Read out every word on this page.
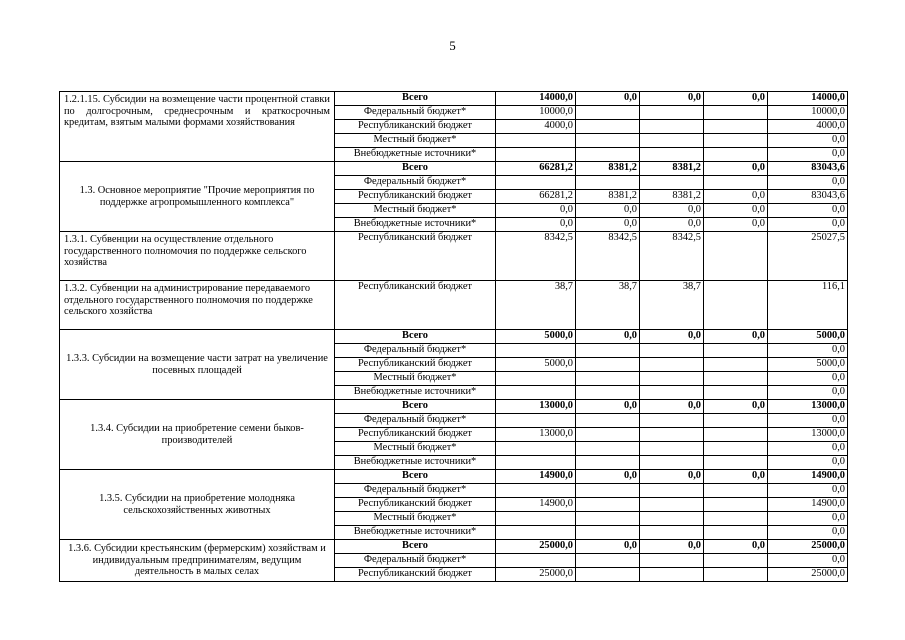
5
1.2.1.15. Субсидии на возмещение части процентной ставки по долгосрочным, среднесрочным и краткосрочным кредитам, взятым малыми формами хозяйствования	Всего	14000,0	0,0	0,0	0,0	14000,0
	Федеральный бюджет*	10000,0				10000,0
	Республиканский бюджет	4000,0				4000,0
	Местный бюджет*					0,0
	Внебюджетные источники*					0,0
1.3. Основное мероприятие "Прочие мероприятия по поддержке агропромышленного комплекса"	Всего	66281,2	8381,2	8381,2	0,0	83043,6
	Федеральный бюджет*					0,0
	Республиканский бюджет	66281,2	8381,2	8381,2	0,0	83043,6
	Местный бюджет*	0,0	0,0	0,0	0,0	0,0
	Внебюджетные источники*	0,0	0,0	0,0	0,0	0,0
1.3.1. Субвенции на осуществление отдельного государственного полномочия по поддержке сельского хозяйства	Республиканский бюджет	8342,5	8342,5	8342,5		25027,5
1.3.2. Субвенции на администрирование передаваемого отдельного государственного полномочия по поддержке сельского хозяйства	Республиканский бюджет	38,7	38,7	38,7		116,1
1.3.3. Субсидии на возмещение части затрат на увеличение посевных площадей	Всего	5000,0	0,0	0,0	0,0	5000,0
	Федеральный бюджет*					0,0
	Республиканский бюджет	5000,0				5000,0
	Местный бюджет*					0,0
	Внебюджетные источники*					0,0
1.3.4. Субсидии на приобретение семени быков-производителей	Всего	13000,0	0,0	0,0	0,0	13000,0
	Федеральный бюджет*					0,0
	Республиканский бюджет	13000,0				13000,0
	Местный бюджет*					0,0
	Внебюджетные источники*					0,0
1.3.5. Субсидии на приобретение молодняка сельскохозяйственных животных	Всего	14900,0	0,0	0,0	0,0	14900,0
	Федеральный бюджет*					0,0
	Республиканский бюджет	14900,0				14900,0
	Местный бюджет*					0,0
	Внебюджетные источники*					0,0
1.3.6. Субсидии крестьянским (фермерским) хозяйствам и индивидуальным предпринимателям, ведущим деятельность в малых селах	Всего	25000,0	0,0	0,0	0,0	25000,0
	Федеральный бюджет*					0,0
	Республиканский бюджет	25000,0				25000,0
